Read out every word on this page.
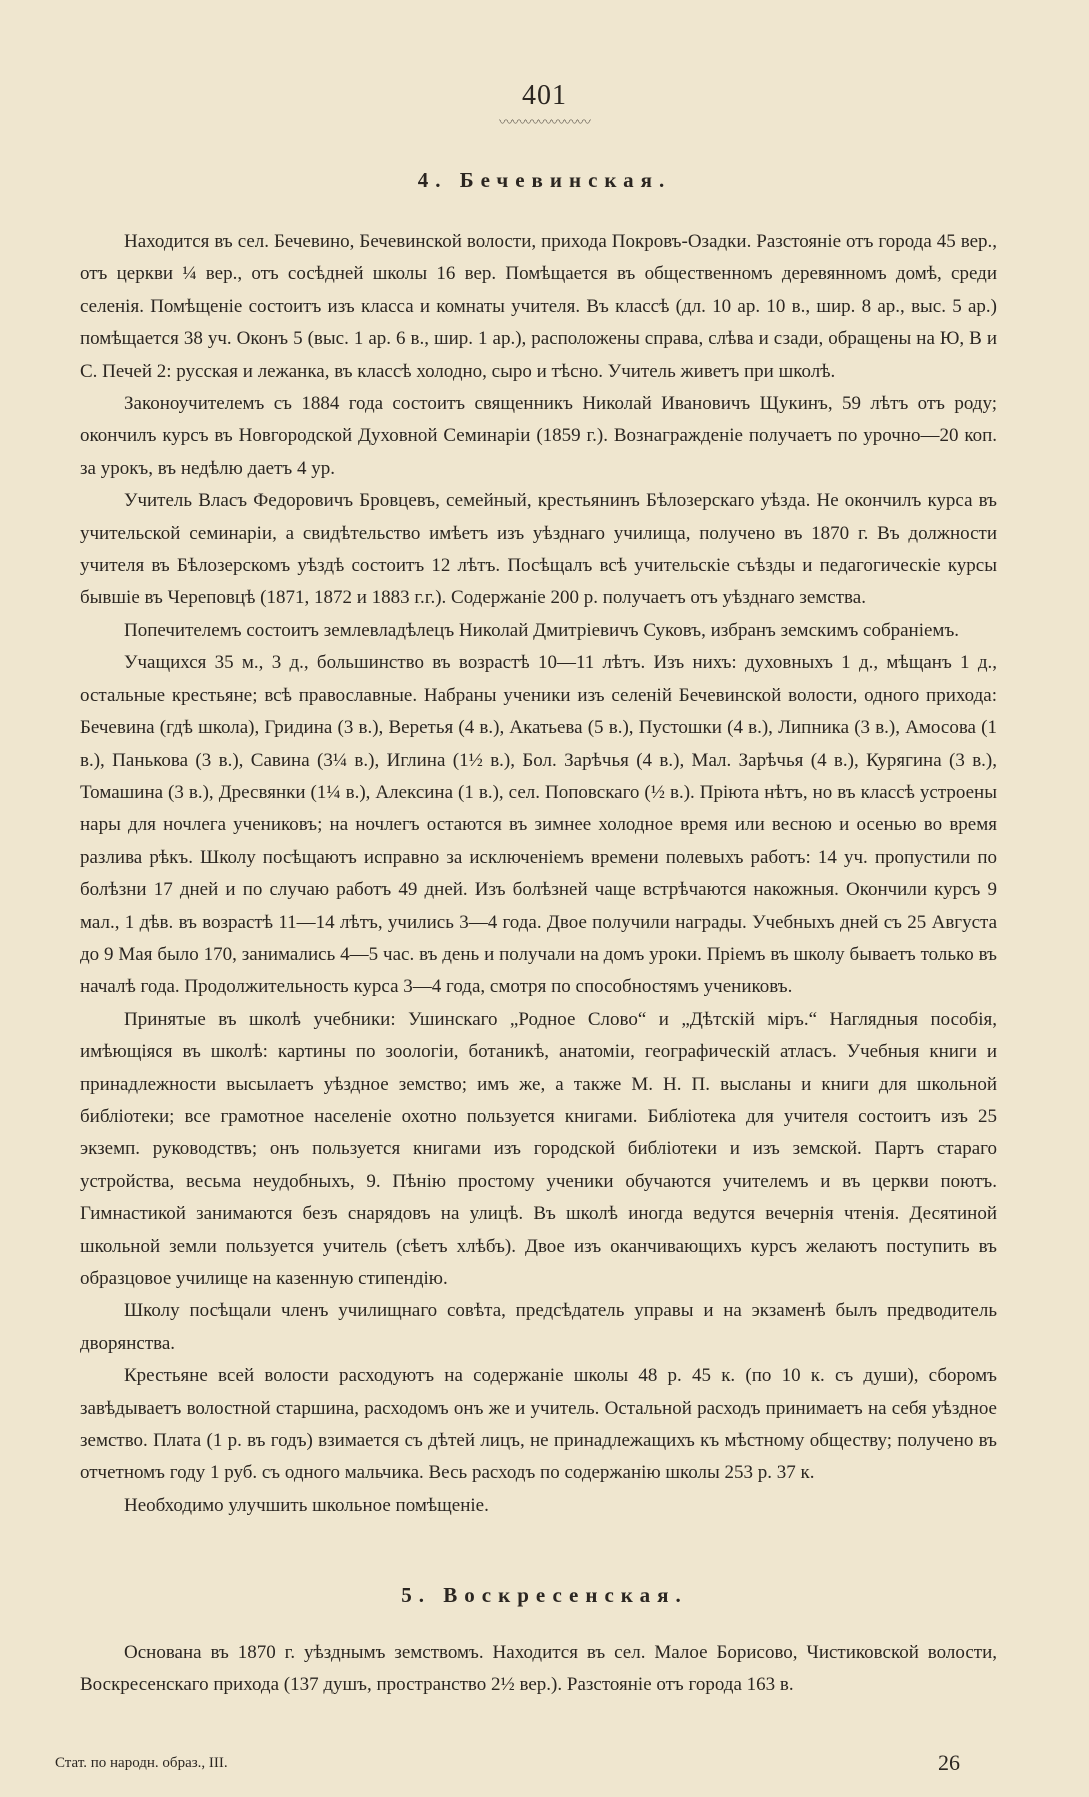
401
〰〰〰〰〰〰〰
4. Бечевинская.

Находится въ сел. Бечевино, Бечевинской волости, прихода Покровъ-Озадки. Разстояніе отъ города 45 вер., отъ церкви ¼ вер., отъ сосѣдней школы 16 вер. Помѣщается въ общественномъ деревянномъ домѣ, среди селенія. Помѣщеніе состоитъ изъ класса и комнаты учителя. Въ классѣ (дл. 10 ар. 10 в., шир. 8 ар., выс. 5 ар.) помѣщается 38 уч. Оконъ 5 (выс. 1 ар. 6 в., шир. 1 ар.), расположены справа, слѣва и сзади, обращены на Ю, В и С. Печей 2: русская и лежанка, въ классѣ холодно, сыро и тѣсно. Учитель живетъ при школѣ.

Законоучителемъ съ 1884 года состоитъ священникъ Николай Ивановичъ Щукинъ, 59 лѣтъ отъ роду; окончилъ курсъ въ Новгородской Духовной Семинаріи (1859 г.). Вознагражденіе получаетъ по урочно—20 коп. за урокъ, въ недѣлю даетъ 4 ур.

Учитель Власъ Федоровичъ Бровцевъ, семейный, крестьянинъ Бѣлозерскаго уѣзда. Не окончилъ курса въ учительской семинаріи, а свидѣтельство имѣетъ изъ уѣзднаго училища, получено въ 1870 г. Въ должности учителя въ Бѣлозерскомъ уѣздѣ состоитъ 12 лѣтъ. Посѣщалъ всѣ учительскіе съѣзды и педагогическіе курсы бывшіе въ Череповцѣ (1871, 1872 и 1883 г.г.). Содержаніе 200 р. получаетъ отъ уѣзднаго земства.

Попечителемъ состоитъ землевладѣлецъ Николай Дмитріевичъ Суковъ, избранъ земскимъ собраніемъ.

Учащихся 35 м., 3 д., большинство въ возрастѣ 10—11 лѣтъ. Изъ нихъ: духовныхъ 1 д., мѣщанъ 1 д., остальные крестьяне; всѣ православные. Набраны ученики изъ селеній Бечевинской волости, одного прихода: Бечевина (гдѣ школа), Гридина (3 в.), Веретья (4 в.), Акатьева (5 в.), Пустошки (4 в.), Липника (3 в.), Амосова (1 в.), Панькова (3 в.), Савина (3¼ в.), Иглина (1½ в.), Бол. Зарѣчья (4 в.), Мал. Зарѣчья (4 в.), Курягина (3 в.), Томашина (3 в.), Дресвянки (1¼ в.), Алексина (1 в.), сел. Поповскаго (½ в.). Пріюта нѣтъ, но въ классѣ устроены нары для ночлега учениковъ; на ночлегъ остаются въ зимнее холодное время или весною и осенью во время разлива рѣкъ. Школу посѣщаютъ исправно за исключеніемъ времени полевыхъ работъ: 14 уч. пропустили по болѣзни 17 дней и по случаю работъ 49 дней. Изъ болѣзней чаще встрѣчаются накожныя. Окончили курсъ 9 мал., 1 дѣв. въ возрастѣ 11—14 лѣтъ, учились 3—4 года. Двое получили награды. Учебныхъ дней съ 25 Августа до 9 Мая было 170, занимались 4—5 час. въ день и получали на домъ уроки. Пріемъ въ школу бываетъ только въ началѣ года. Продолжительность курса 3—4 года, смотря по способностямъ учениковъ.

Принятые въ школѣ учебники: Ушинскаго „Родное Слово“ и „Дѣтскій міръ.“ Наглядныя пособія, имѣющіяся въ школѣ: картины по зоологіи, ботаникѣ, анатоміи, географическій атласъ. Учебныя книги и принадлежности высылаетъ уѣздное земство; имъ же, а также М. Н. П. высланы и книги для школьной библіотеки; все грамотное населеніе охотно пользуется книгами. Библіотека для учителя состоитъ изъ 25 экземп. руководствъ; онъ пользуется книгами изъ городской библіотеки и изъ земской. Партъ стараго устройства, весьма неудобныхъ, 9. Пѣнію простому ученики обучаются учителемъ и въ церкви поютъ. Гимнастикой занимаются безъ снарядовъ на улицѣ. Въ школѣ иногда ведутся вечернія чтенія. Десятиной школьной земли пользуется учитель (сѣетъ хлѣбъ). Двое изъ оканчивающихъ курсъ желаютъ поступить въ образцовое училище на казенную стипендію.

Школу посѣщали членъ училищнаго совѣта, предсѣдатель управы и на экзаменѣ былъ предводитель дворянства.

Крестьяне всей волости расходуютъ на содержаніе школы 48 р. 45 к. (по 10 к. съ души), сборомъ завѣдываетъ волостной старшина, расходомъ онъ же и учитель. Остальной расходъ принимаетъ на себя уѣздное земство. Плата (1 р. въ годъ) взимается съ дѣтей лицъ, не принадлежащихъ къ мѣстному обществу; получено въ отчетномъ году 1 руб. съ одного мальчика. Весь расходъ по содержанію школы 253 р. 37 к.

Необходимо улучшить школьное помѣщеніе.

5. Воскресенская.

Основана въ 1870 г. уѣзднымъ земствомъ. Находится въ сел. Малое Борисово, Чистиковской волости, Воскресенскаго прихода (137 душъ, пространство 2½ вер.). Разстояніе отъ города 163 в.

Стат. по народн. образ., III.	26
